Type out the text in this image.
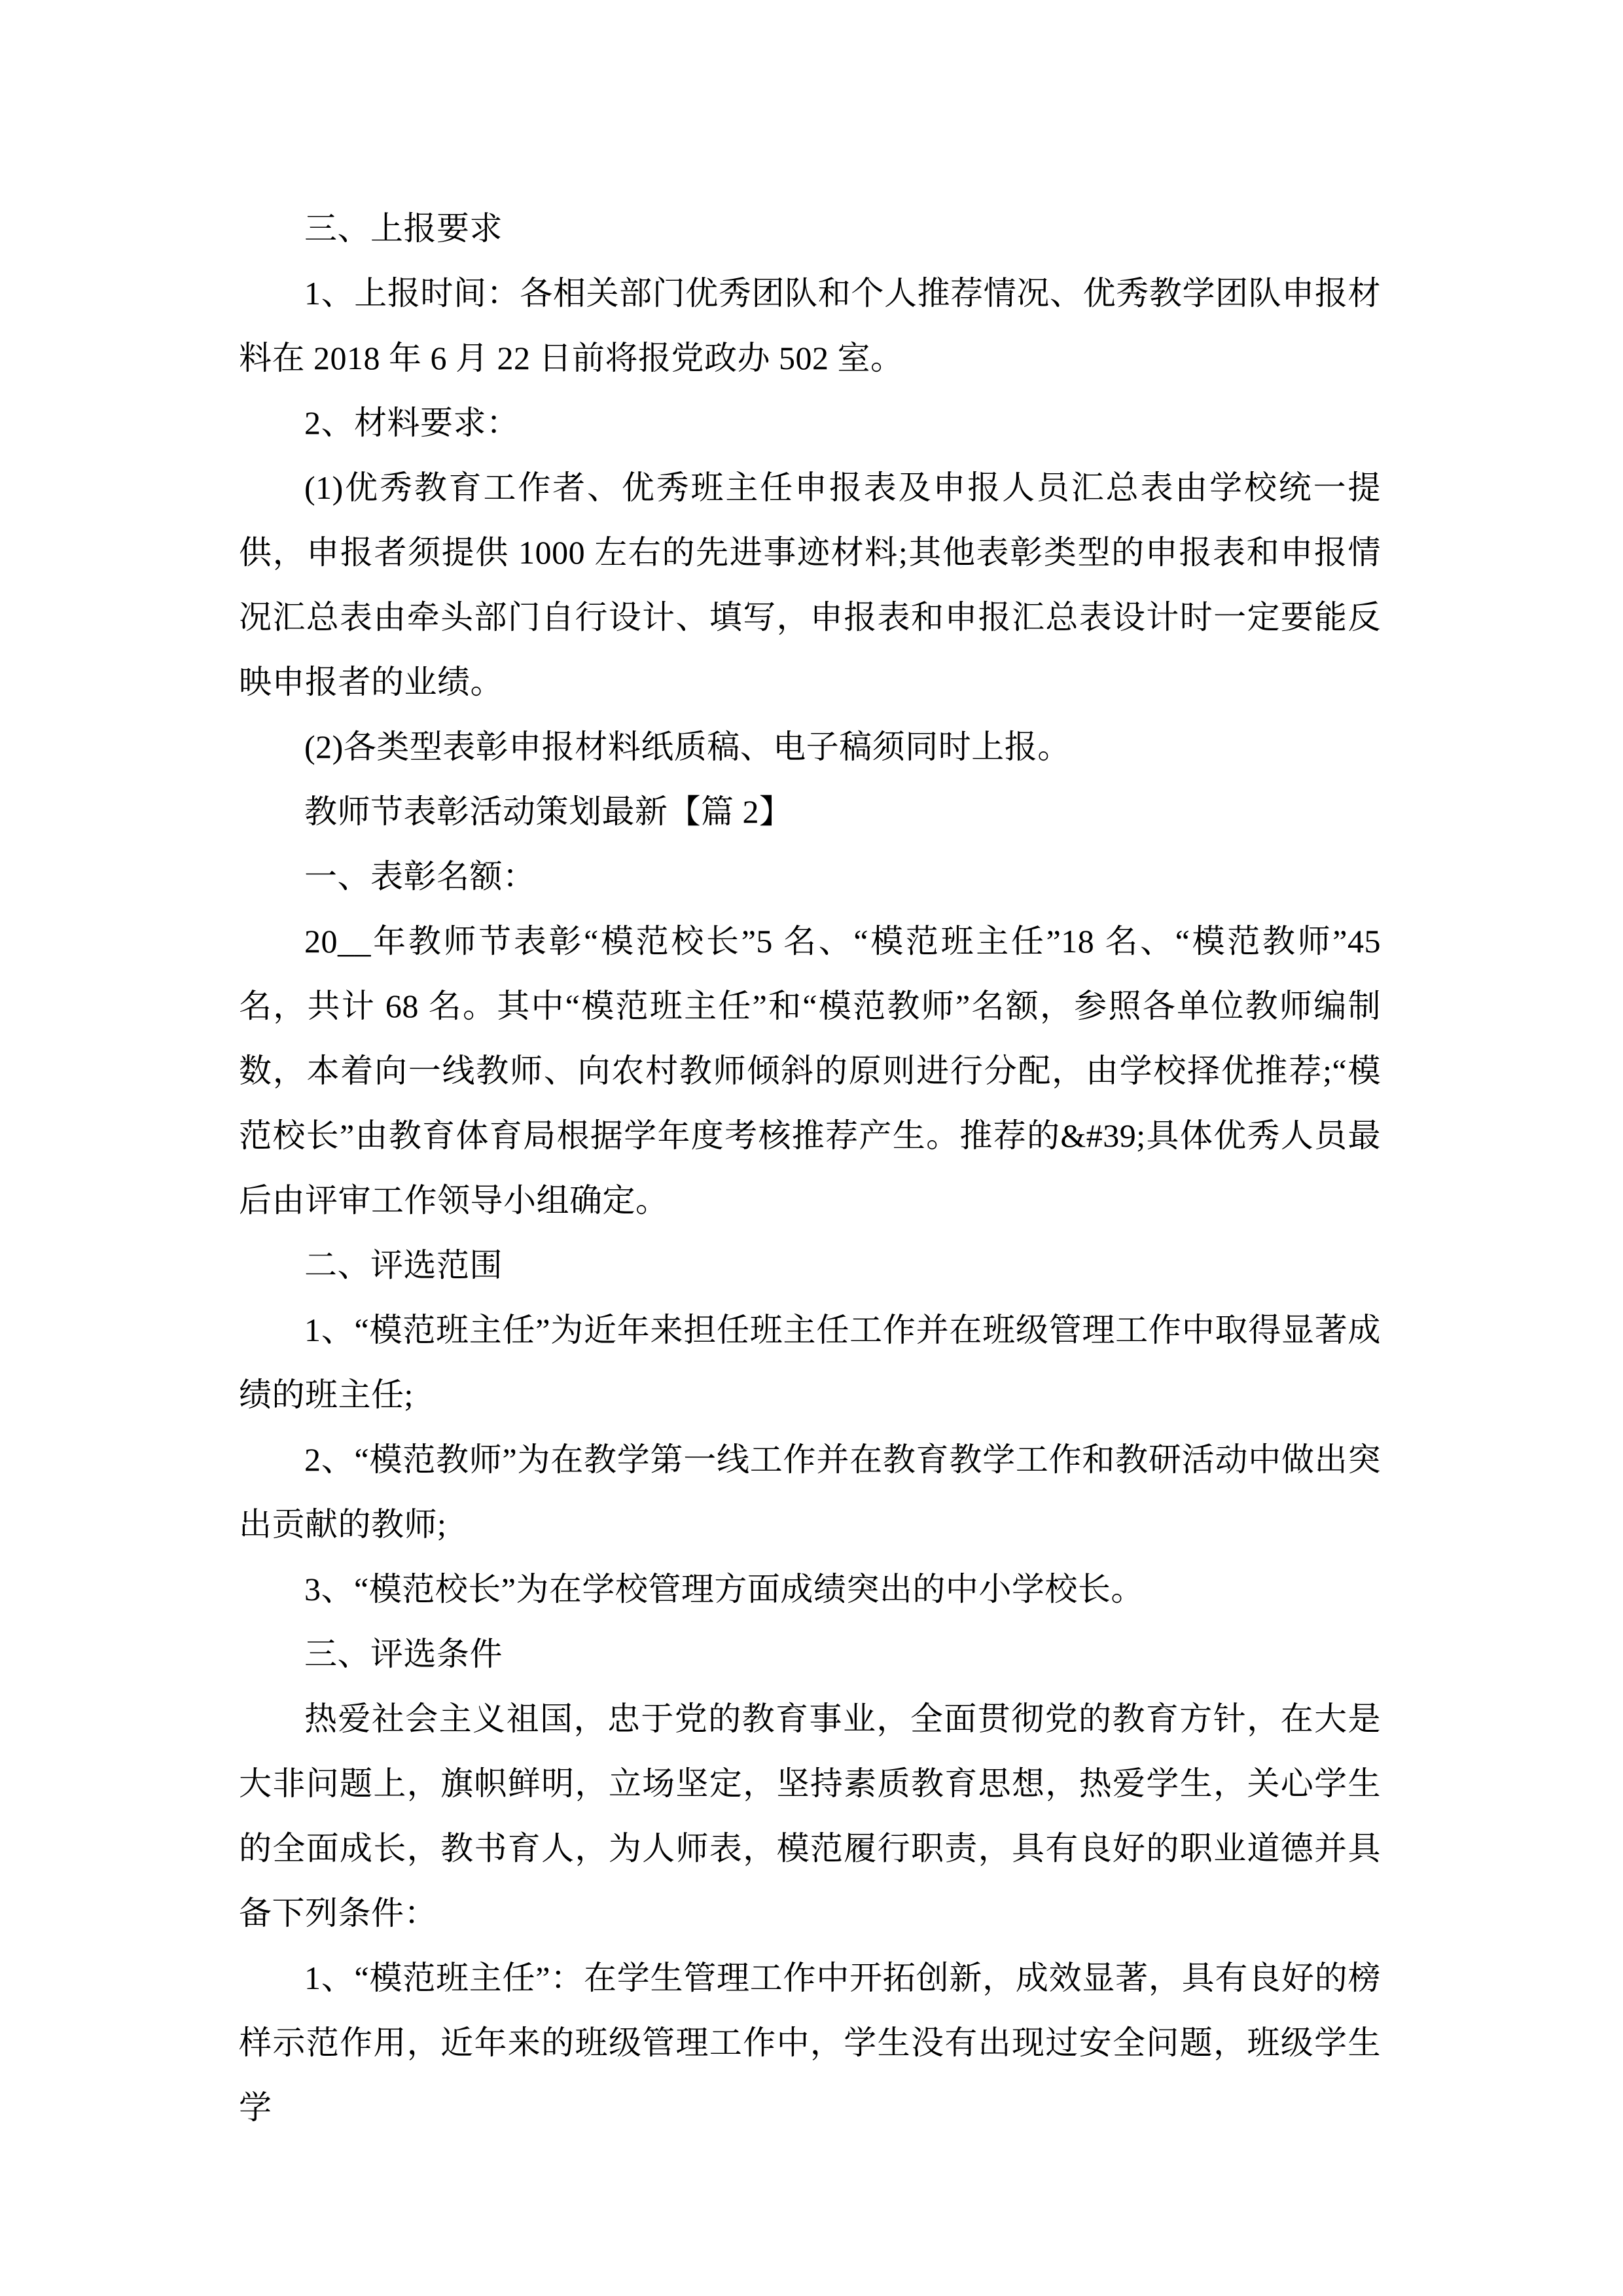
三、上报要求

1、上报时间：各相关部门优秀团队和个人推荐情况、优秀教学团队申报材料在 2018 年 6 月 22 日前将报党政办 502 室。

2、材料要求：

(1)优秀教育工作者、优秀班主任申报表及申报人员汇总表由学校统一提供，申报者须提供 1000 左右的先进事迹材料;其他表彰类型的申报表和申报情况汇总表由牵头部门自行设计、填写，申报表和申报汇总表设计时一定要能反映申报者的业绩。

(2)各类型表彰申报材料纸质稿、电子稿须同时上报。

教师节表彰活动策划最新【篇 2】

一、表彰名额：

20__年教师节表彰“模范校长”5 名、“模范班主任”18 名、“模范教师”45 名，共计 68 名。其中“模范班主任”和“模范教师”名额，参照各单位教师编制数，本着向一线教师、向农村教师倾斜的原则进行分配，由学校择优推荐;“模范校长”由教育体育局根据学年度考核推荐产生。推荐的&#39;具体优秀人员最后由评审工作领导小组确定。

二、评选范围

1、“模范班主任”为近年来担任班主任工作并在班级管理工作中取得显著成绩的班主任;

2、“模范教师”为在教学第一线工作并在教育教学工作和教研活动中做出突出贡献的教师;

3、“模范校长”为在学校管理方面成绩突出的中小学校长。

三、评选条件

热爱社会主义祖国，忠于党的教育事业，全面贯彻党的教育方针，在大是大非问题上，旗帜鲜明，立场坚定，坚持素质教育思想，热爱学生，关心学生的全面成长，教书育人，为人师表，模范履行职责，具有良好的职业道德并具备下列条件：

1、“模范班主任”：在学生管理工作中开拓创新，成效显著，具有良好的榜样示范作用，近年来的班级管理工作中，学生没有出现过安全问题，班级学生学
